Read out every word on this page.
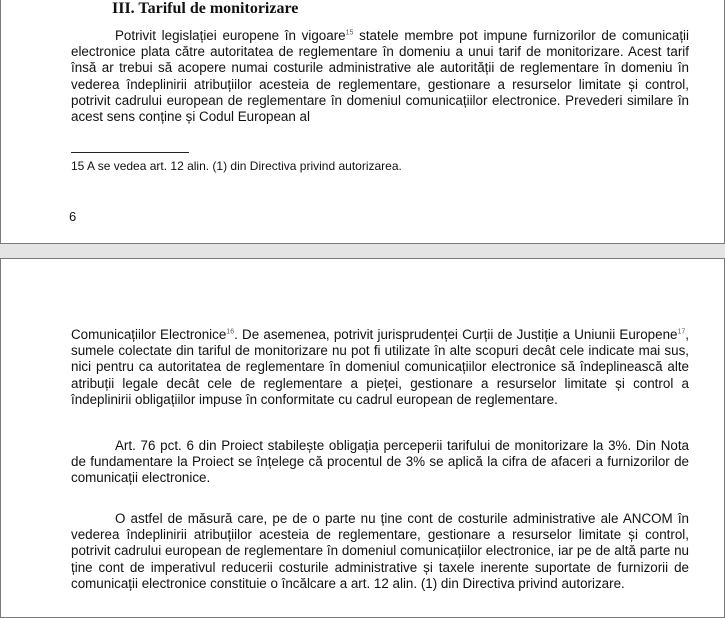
III. Tariful de monitorizare
Potrivit legislației europene în vigoare$^{15}$ statele membre pot impune furnizorilor de comunicații electronice plata către autoritatea de reglementare în domeniu a unui tarif de monitorizare. Acest tarif însă ar trebui să acopere numai costurile administrative ale autorității de reglementare în domeniu în vederea îndeplinirii atribuțiilor acesteia de reglementare, gestionare a resurselor limitate și control, potrivit cadrului european de reglementare în domeniul comunicațiilor electronice. Prevederi similare în acest sens conține și Codul European al
15 A se vedea art. 12 alin. (1) din Directiva privind autorizarea.
6
Comunicațiilor Electronice$^{16}$. De asemenea, potrivit jurisprudenței Curții de Justiție a Uniunii Europene$^{17}$, sumele colectate din tariful de monitorizare nu pot fi utilizate în alte scopuri decât cele indicate mai sus, nici pentru ca autoritatea de reglementare în domeniul comunicațiilor electronice să îndeplinească alte atribuții legale decât cele de reglementare a pieței, gestionare a resurselor limitate și control a îndeplinirii obligațiilor impuse în conformitate cu cadrul european de reglementare.
Art. 76 pct. 6 din Proiect stabilește obligația perceperii tarifului de monitorizare la 3%. Din Nota de fundamentare la Proiect se înțelege că procentul de 3% se aplică la cifra de afaceri a furnizorilor de comunicații electronice.
O astfel de măsură care, pe de o parte nu ține cont de costurile administrative ale ANCOM în vederea îndeplinirii atribuțiilor acesteia de reglementare, gestionare a resurselor limitate și control, potrivit cadrului european de reglementare în domeniul comunicațiilor electronice, iar pe de altă parte nu ține cont de imperativul reducerii costurile administrative și taxele inerente suportate de furnizorii de comunicații electronice constituie o încălcare a art. 12 alin. (1) din Directiva privind autorizare.
